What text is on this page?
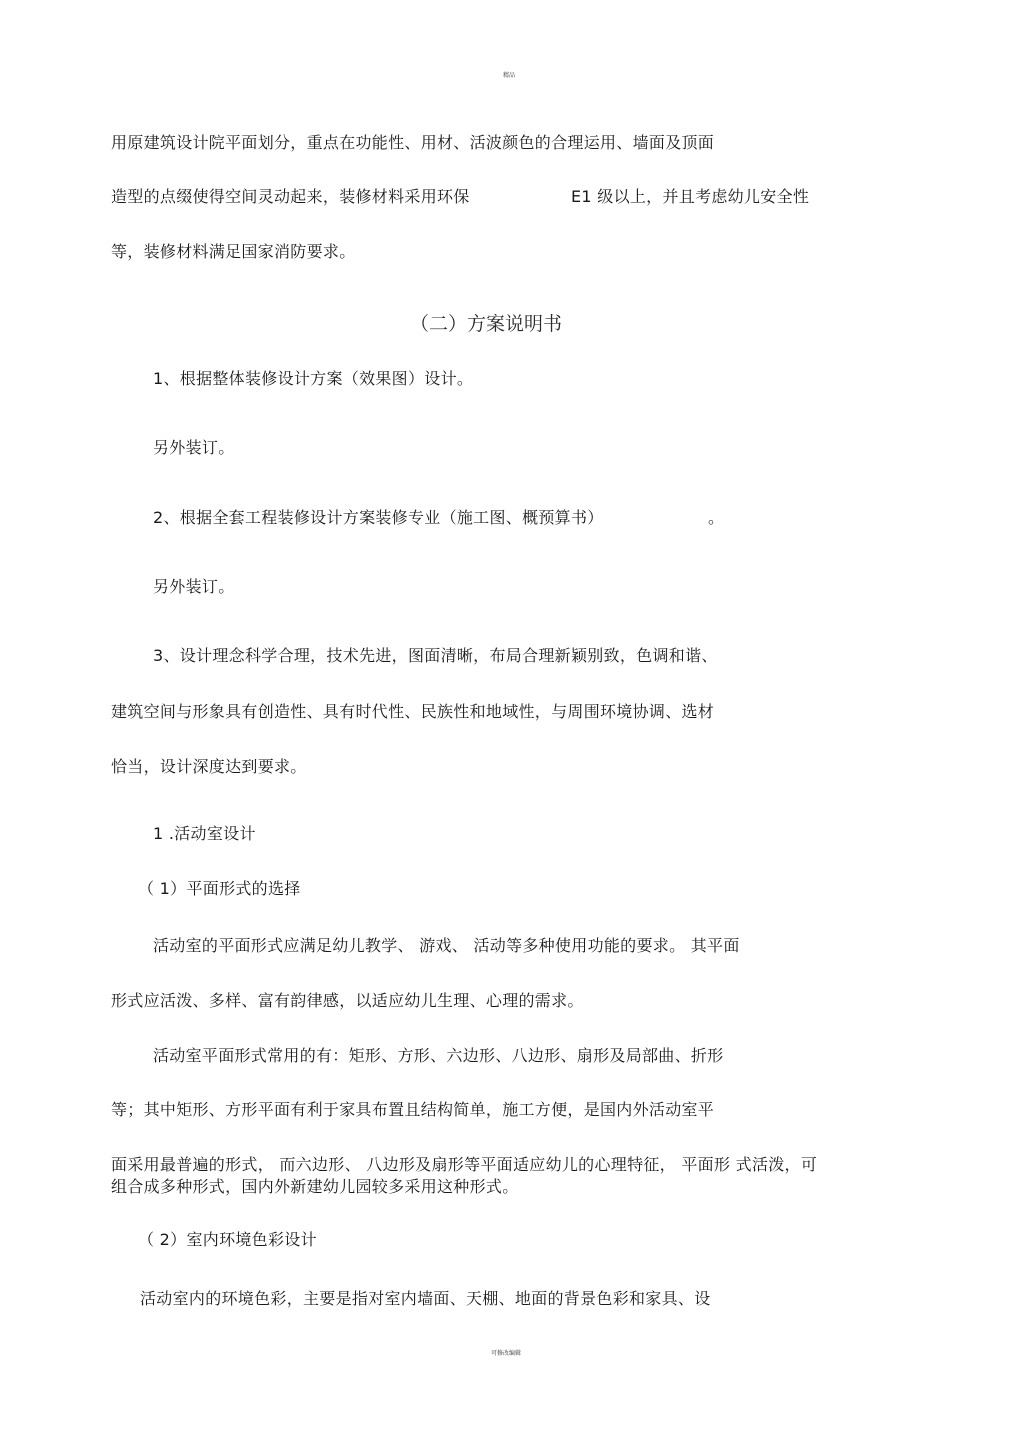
精品
用原建筑设计院平面划分，重点在功能性、用材、活波颜色的合理运用、墙面及顶面
造型的点缀使得空间灵动起来，装修材料采用环保	E1 级以上，并且考虑幼儿安全性
等，装修材料满足国家消防要求。
（二）方案说明书
1、根据整体装修设计方案（效果图）设计。
另外装订。
2、根据全套工程装修设计方案装修专业（施工图、概预算书）	。
另外装订。
3、设计理念科学合理，技术先进，图面清晰，布局合理新颖别致，色调和谐、
建筑空间与形象具有创造性、具有时代性、民族性和地域性，与周围环境协调、选材
恰当，设计深度达到要求。
1 .活动室设计
（ 1）平面形式的选择
活动室的平面形式应满足幼儿教学、 游戏、 活动等多种使用功能的要求。 其平面
形式应活泼、多样、富有韵律感，以适应幼儿生理、心理的需求。
活动室平面形式常用的有：矩形、方形、六边形、八边形、扇形及局部曲、折形
等；其中矩形、方形平面有利于家具布置且结构简单，施工方便，是国内外活动室平
面采用最普遍的形式， 而六边形、 八边形及扇形等平面适应幼儿的心理特征， 平面形 式活泼，可
组合成多种形式，国内外新建幼儿园较多采用这种形式。
（ 2）室内环境色彩设计
活动室内的环境色彩，主要是指对室内墙面、天棚、地面的背景色彩和家具、设
可修改编辑
